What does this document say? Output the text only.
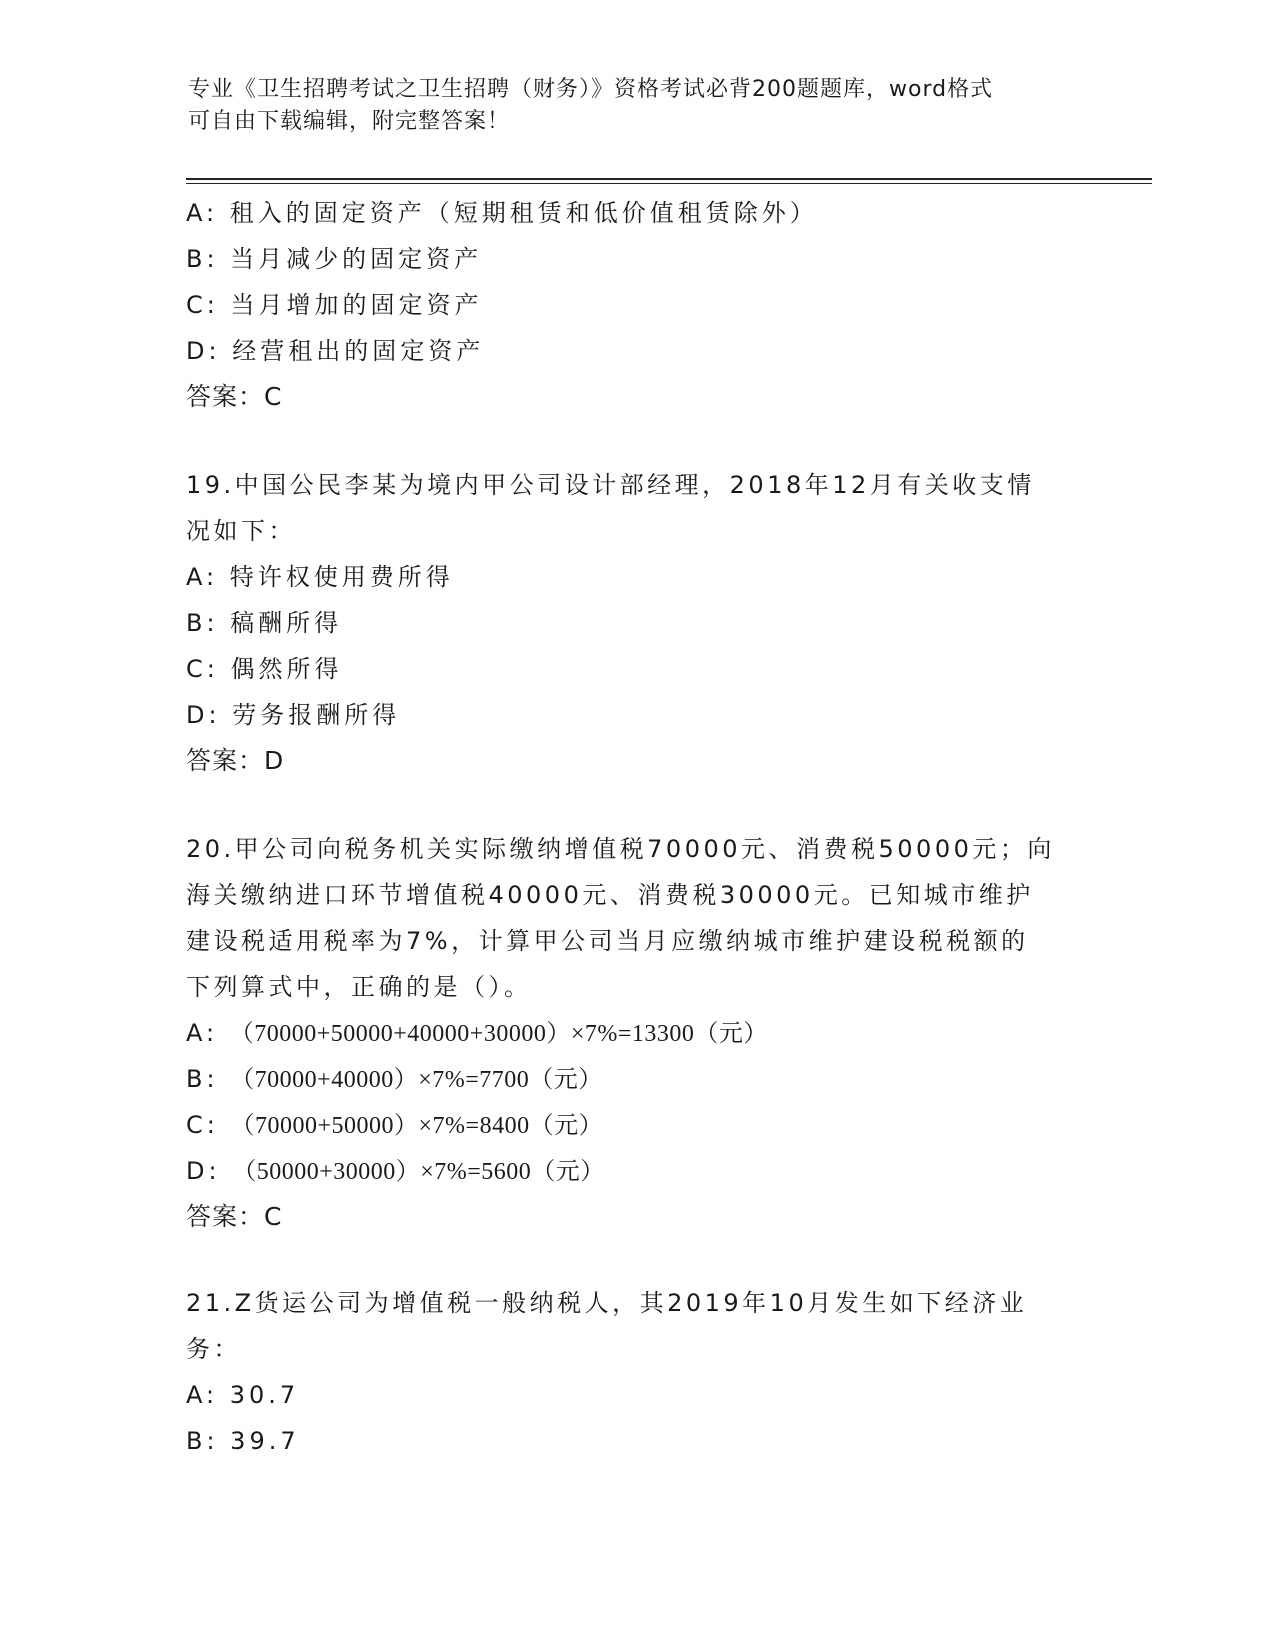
专业《卫生招聘考试之卫生招聘（财务）》资格考试必背200题题库，word格式
可自由下载编辑，附完整答案！
A: 租入的固定资产（短期租赁和低价值租赁除外）
B: 当月减少的固定资产
C: 当月增加的固定资产
D: 经营租出的固定资产
答案：C
19.中国公民李某为境内甲公司设计部经理，2018年12月有关收支情
况如下：
A: 特许权使用费所得
B: 稿酬所得
C: 偶然所得
D: 劳务报酬所得
答案：D
20.甲公司向税务机关实际缴纳增值税70000元、消费税50000元；向
海关缴纳进口环节增值税40000元、消费税30000元。已知城市维护
建设税适用税率为7%，计算甲公司当月应缴纳城市维护建设税税额的
下列算式中，正确的是（）。
A: （70000+50000+40000+30000）×7%=13300（元）
B: （70000+40000）×7%=7700（元）
C: （70000+50000）×7%=8400（元）
D: （50000+30000）×7%=5600（元）
答案：C
21.Z货运公司为增值税一般纳税人，其2019年10月发生如下经济业
务：
A: 30.7
B: 39.7
